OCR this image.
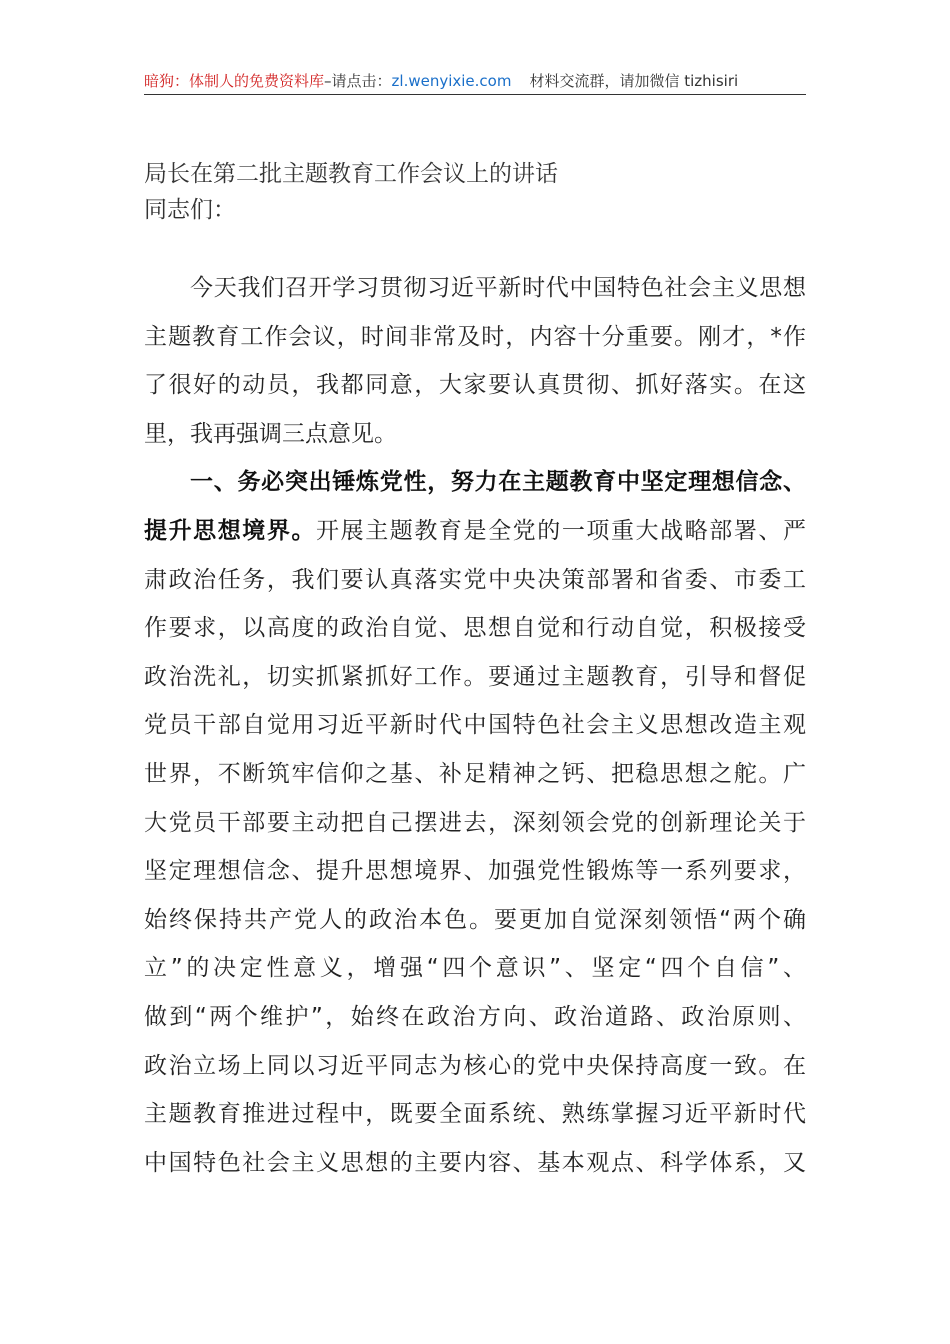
暗狗：体制人的免费资料库–请点击：zl.wenyixie.com 材料交流群，请加微信 tizhisiri
局长在第二批主题教育工作会议上的讲话
同志们：
今天我们召开学习贯彻习近平新时代中国特色社会主义思想
主题教育工作会议，时间非常及时，内容十分重要。刚才，*作
了很好的动员，我都同意，大家要认真贯彻、抓好落实。在这
里，我再强调三点意见。
一、务必突出锤炼党性，努力在主题教育中坚定理想信念、
提升思想境界。开展主题教育是全党的一项重大战略部署、严
肃政治任务，我们要认真落实党中央决策部署和省委、市委工
作要求，以高度的政治自觉、思想自觉和行动自觉，积极接受
政治洗礼，切实抓紧抓好工作。要通过主题教育，引导和督促
党员干部自觉用习近平新时代中国特色社会主义思想改造主观
世界，不断筑牢信仰之基、补足精神之钙、把稳思想之舵。广
大党员干部要主动把自己摆进去，深刻领会党的创新理论关于
坚定理想信念、提升思想境界、加强党性锻炼等一系列要求，
始终保持共产党人的政治本色。要更加自觉深刻领悟“两个确
立”的决定性意义，增强“四个意识”、坚定“四个自信”、
做到“两个维护”，始终在政治方向、政治道路、政治原则、
政治立场上同以习近平同志为核心的党中央保持高度一致。在
主题教育推进过程中，既要全面系统、熟练掌握习近平新时代
中国特色社会主义思想的主要内容、基本观点、科学体系，又
